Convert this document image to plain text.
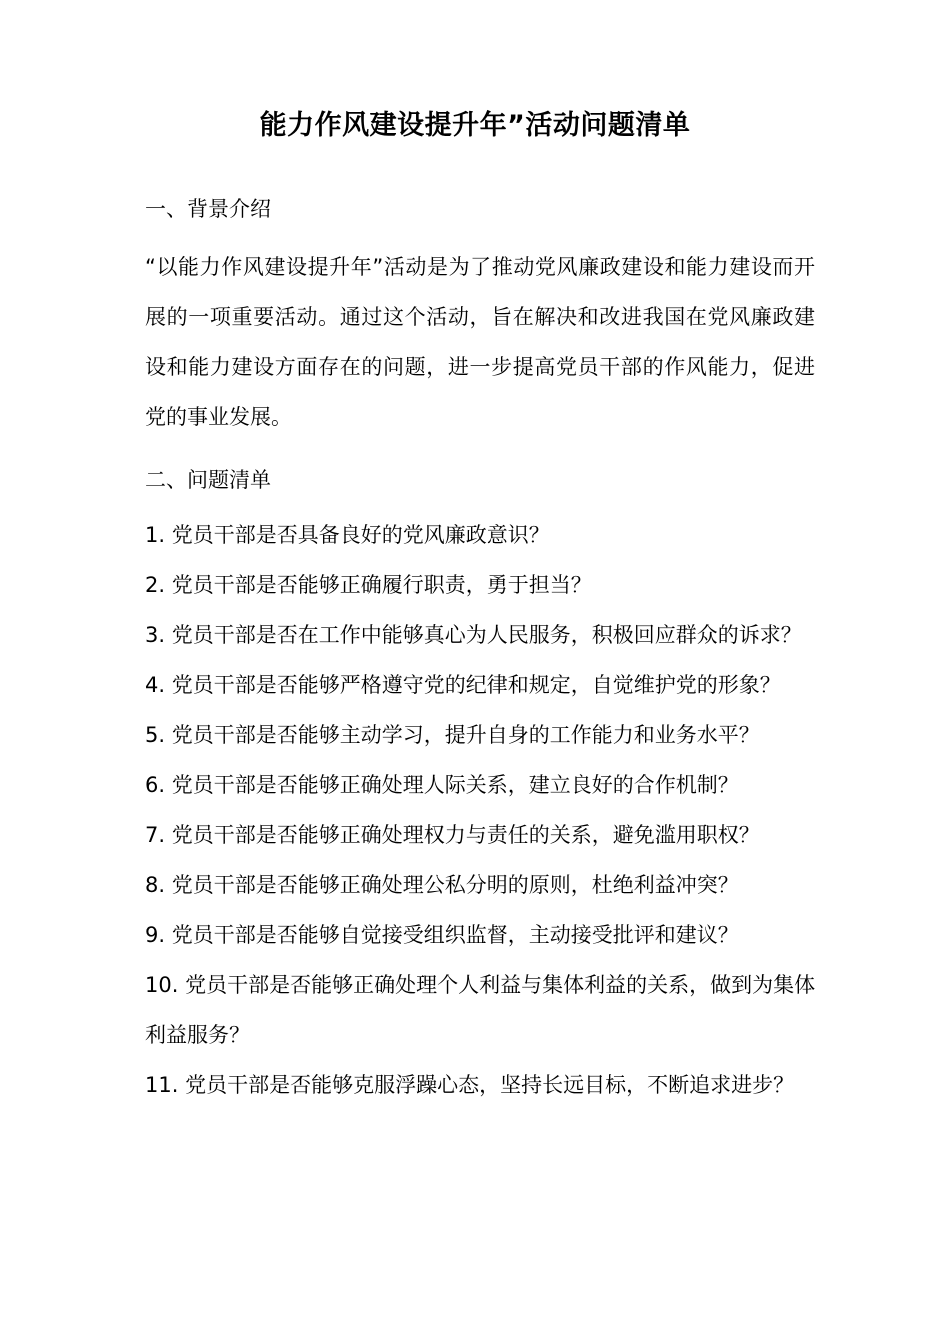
能力作风建设提升年”活动问题清单
一、背景介绍
“以能力作风建设提升年”活动是为了推动党风廉政建设和能力建设而开展的一项重要活动。通过这个活动，旨在解决和改进我国在党风廉政建设和能力建设方面存在的问题，进一步提高党员干部的作风能力，促进党的事业发展。
二、问题清单
1. 党员干部是否具备良好的党风廉政意识？
2. 党员干部是否能够正确履行职责，勇于担当？
3. 党员干部是否在工作中能够真心为人民服务，积极回应群众的诉求？
4. 党员干部是否能够严格遵守党的纪律和规定，自觉维护党的形象？
5. 党员干部是否能够主动学习，提升自身的工作能力和业务水平？
6. 党员干部是否能够正确处理人际关系，建立良好的合作机制？
7. 党员干部是否能够正确处理权力与责任的关系，避免滥用职权？
8. 党员干部是否能够正确处理公私分明的原则，杜绝利益冲突？
9. 党员干部是否能够自觉接受组织监督，主动接受批评和建议？
10. 党员干部是否能够正确处理个人利益与集体利益的关系，做到为集体利益服务？
11. 党员干部是否能够克服浮躁心态，坚持长远目标，不断追求进步？
